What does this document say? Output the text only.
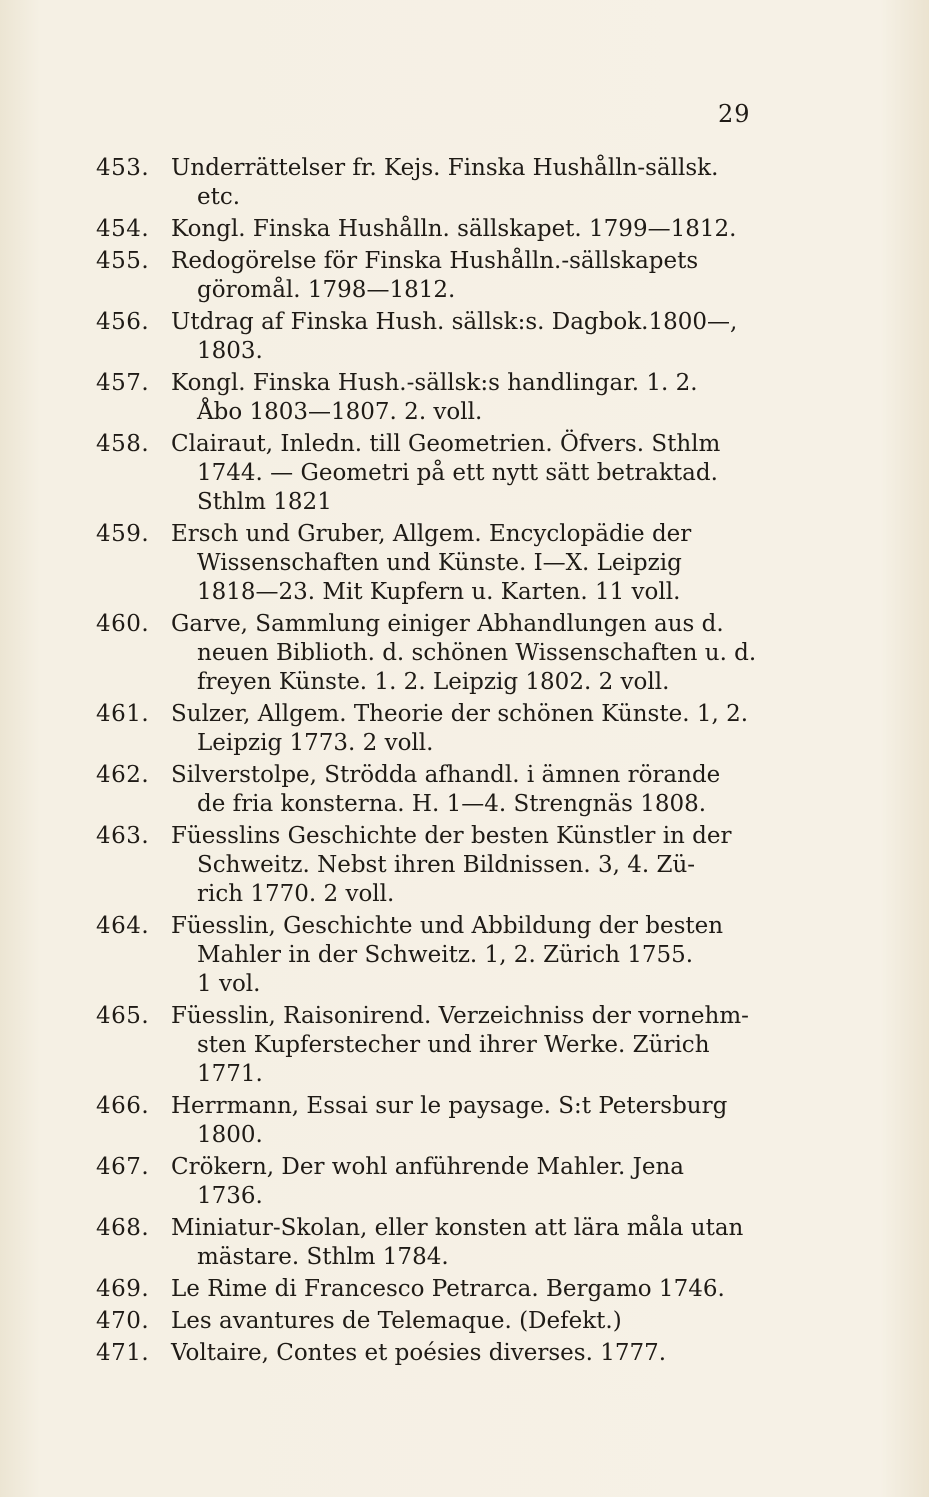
29
453. Underrättelser fr. Kejs. Finska Hushålln-sällsk.
etc.
454. Kongl. Finska Hushålln. sällskapet. 1799—1812.
455. Redogörelse för Finska Hushålln.-sällskapets
göromål. 1798—1812.
456. Utdrag af Finska Hush. sällsk:s. Dagbok.1800—,
1803.
457. Kongl. Finska Hush.-sällsk:s handlingar. 1. 2.
Åbo 1803—1807. 2. voll.
458. Clairaut, Inledn. till Geometrien. Öfvers. Sthlm
1744. — Geometri på ett nytt sätt betraktad.
Sthlm 1821
459. Ersch und Gruber, Allgem. Encyclopädie der
Wissenschaften und Künste. I—X. Leipzig
1818—23. Mit Kupfern u. Karten. 11 voll.
460. Garve, Sammlung einiger Abhandlungen aus d.
neuen Biblioth. d. schönen Wissenschaften u. d.
freyen Künste. 1. 2. Leipzig 1802. 2 voll.
461. Sulzer, Allgem. Theorie der schönen Künste. 1, 2.
Leipzig 1773. 2 voll.
462. Silverstolpe, Strödda afhandl. i ämnen rörande
de fria konsterna. H. 1—4. Strengnäs 1808.
463. Füesslins Geschichte der besten Künstler in der
Schweitz. Nebst ihren Bildnissen. 3, 4. Zü-
rich 1770. 2 voll.
464. Füesslin, Geschichte und Abbildung der besten
Mahler in der Schweitz. 1, 2. Zürich 1755.
1 vol.
465. Füesslin, Raisonirend. Verzeichniss der vornehm-
sten Kupferstecher und ihrer Werke. Zürich
1771.
466. Herrmann, Essai sur le paysage. S:t Petersburg
1800.
467. Crökern, Der wohl anführende Mahler. Jena
1736.
468. Miniatur-Skolan, eller konsten att lära måla utan
mästare. Sthlm 1784.
469. Le Rime di Francesco Petrarca. Bergamo 1746.
470. Les avantures de Telemaque. (Defekt.)
471. Voltaire, Contes et poésies diverses. 1777.
